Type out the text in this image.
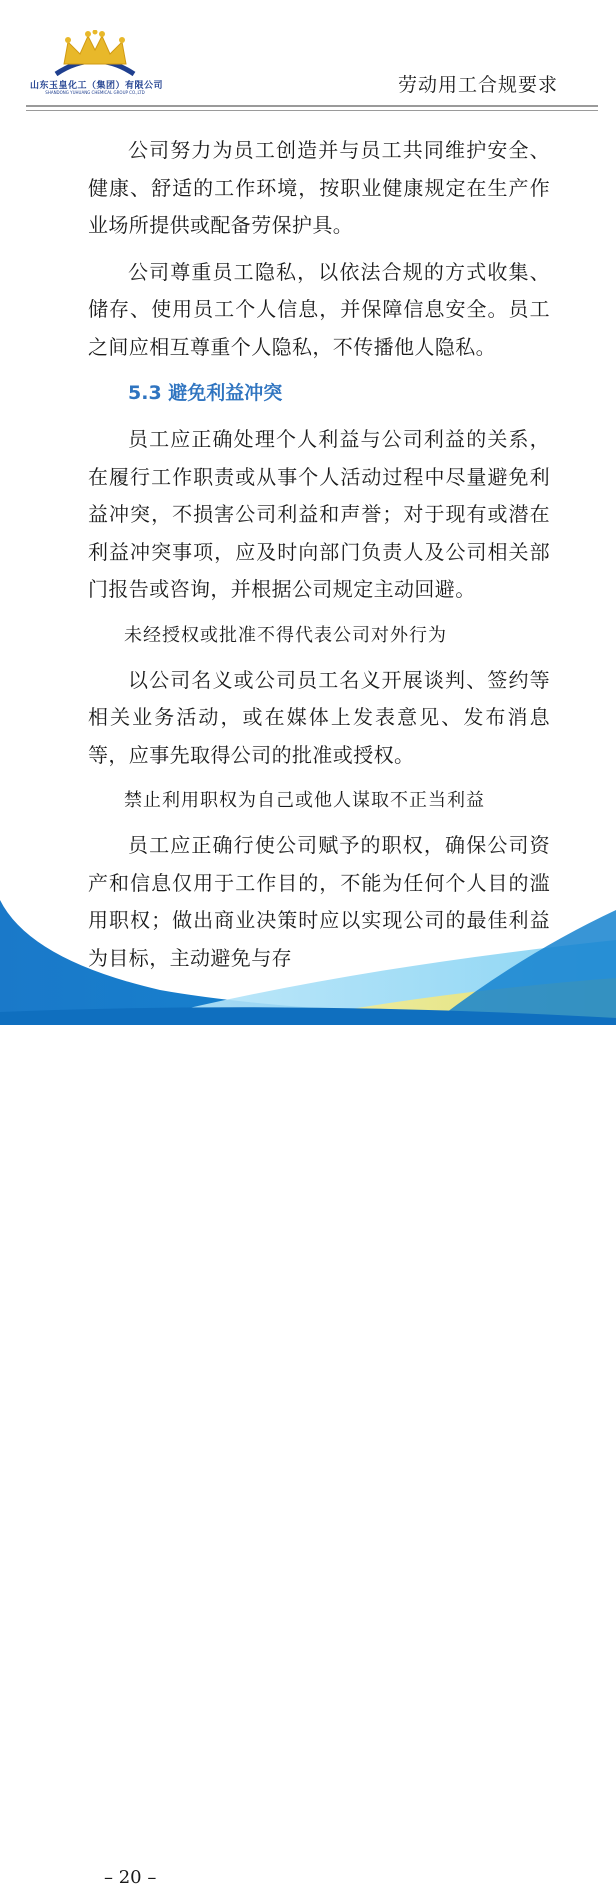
山东玉皇化工（集团）有限公司
SHANDONG YUHUANG CHEMICAL GROUP CO.,LTD	劳动用工合规要求

公司努力为员工创造并与员工共同维护安全、健康、舒适的工作环境，按职业健康规定在生产作业场所提供或配备劳保护具。

公司尊重员工隐私，以依法合规的方式收集、储存、使用员工个人信息，并保障信息安全。员工之间应相互尊重个人隐私，不传播他人隐私。

5.3 避免利益冲突

员工应正确处理个人利益与公司利益的关系，在履行工作职责或从事个人活动过程中尽量避免利益冲突，不损害公司利益和声誉；对于现有或潜在利益冲突事项，应及时向部门负责人及公司相关部门报告或咨询，并根据公司规定主动回避。

未经授权或批准不得代表公司对外行为

以公司名义或公司员工名义开展谈判、签约等相关业务活动，或在媒体上发表意见、发布消息等，应事先取得公司的批准或授权。

禁止利用职权为自己或他人谋取不正当利益

员工应正确行使公司赋予的职权，确保公司资产和信息仅用于工作目的，不能为任何个人目的滥用职权；做出商业决策时应以实现公司的最佳利益为目标，主动避免与存

– 20 –
